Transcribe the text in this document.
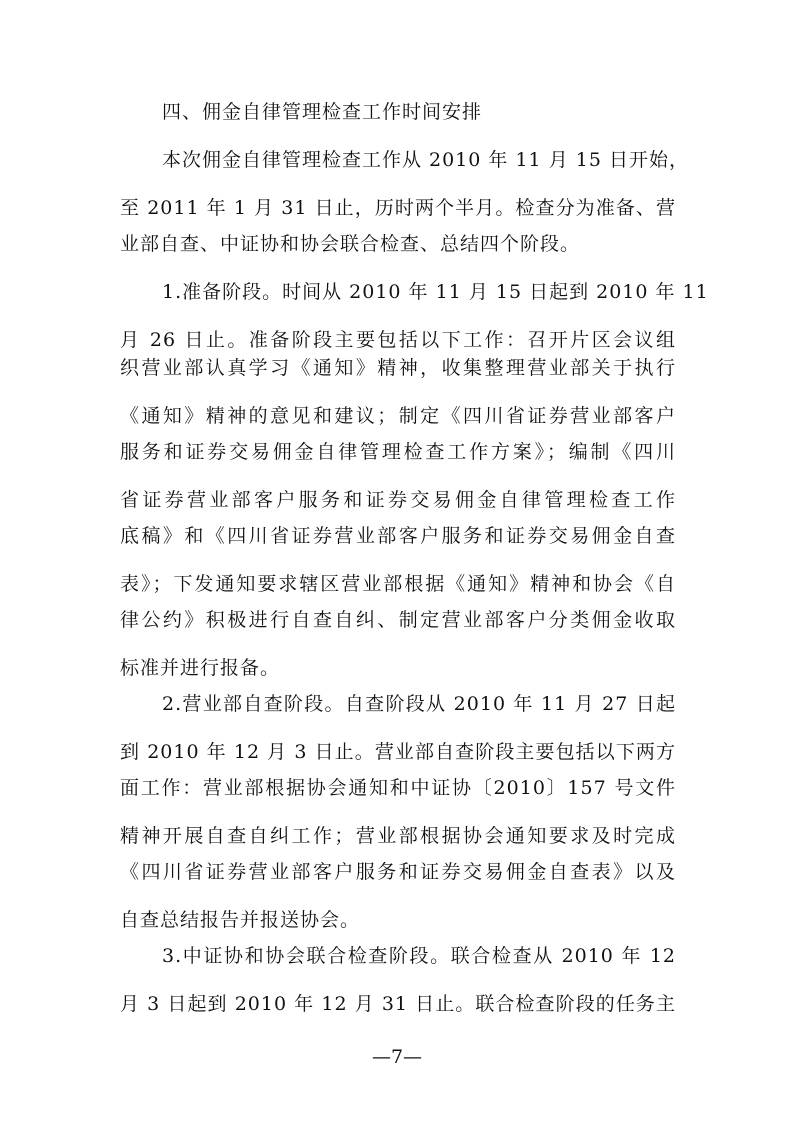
四、佣金自律管理检查工作时间安排
本次佣金自律管理检查工作从 2010 年 11 月 15 日开始，
至 2011 年 1 月 31 日止，历时两个半月。检查分为准备、营
业部自查、中证协和协会联合检查、总结四个阶段。
1.准备阶段。时间从 2010 年 11 月 15 日起到 2010 年 11
月 26 日止。准备阶段主要包括以下工作：召开片区会议组
织营业部认真学习《通知》精神，收集整理营业部关于执行
《通知》精神的意见和建议；制定《四川省证券营业部客户
服务和证券交易佣金自律管理检查工作方案》；编制《四川
省证券营业部客户服务和证券交易佣金自律管理检查工作
底稿》和《四川省证券营业部客户服务和证券交易佣金自查
表》；下发通知要求辖区营业部根据《通知》精神和协会《自
律公约》积极进行自查自纠、制定营业部客户分类佣金收取
标准并进行报备。
2.营业部自查阶段。自查阶段从 2010 年 11 月 27 日起
到 2010 年 12 月 3 日止。营业部自查阶段主要包括以下两方
面工作：营业部根据协会通知和中证协〔2010〕157 号文件
精神开展自查自纠工作；营业部根据协会通知要求及时完成
《四川省证券营业部客户服务和证券交易佣金自查表》以及
自查总结报告并报送协会。
3.中证协和协会联合检查阶段。联合检查从 2010 年 12
月 3 日起到 2010 年 12 月 31 日止。联合检查阶段的任务主
—7—
